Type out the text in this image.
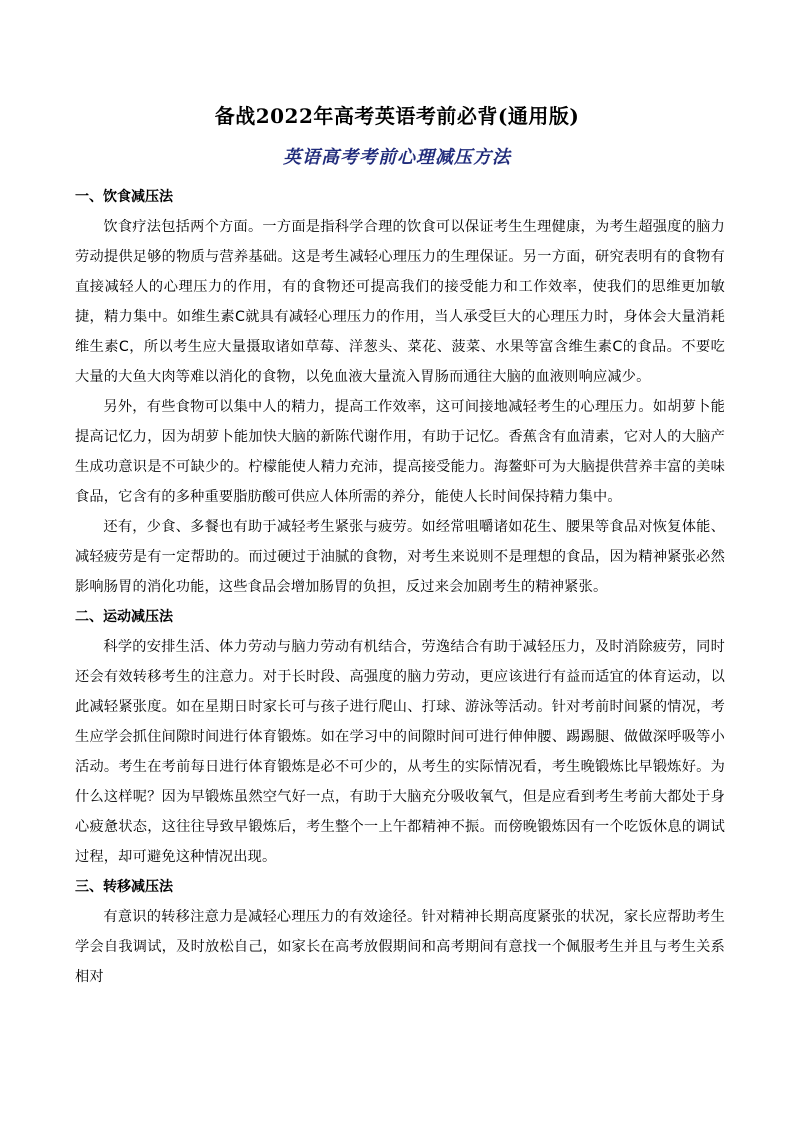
备战2022年高考英语考前必背(通用版)
英语高考考前心理减压方法

一、饮食减压法

饮食疗法包括两个方面。一方面是指科学合理的饮食可以保证考生生理健康，为考生超强度的脑力劳动提供足够的物质与营养基础。这是考生减轻心理压力的生理保证。另一方面，研究表明有的食物有直接减轻人的心理压力的作用，有的食物还可提高我们的接受能力和工作效率，使我们的思维更加敏捷，精力集中。如维生素C就具有减轻心理压力的作用，当人承受巨大的心理压力时，身体会大量消耗维生素C，所以考生应大量摄取诸如草莓、洋葱头、菜花、菠菜、水果等富含维生素C的食品。不要吃大量的大鱼大肉等难以消化的食物，以免血液大量流入胃肠而通往大脑的血液则响应减少。

另外，有些食物可以集中人的精力，提高工作效率，这可间接地减轻考生的心理压力。如胡萝卜能提高记忆力，因为胡萝卜能加快大脑的新陈代谢作用，有助于记忆。香蕉含有血清素，它对人的大脑产生成功意识是不可缺少的。柠檬能使人精力充沛，提高接受能力。海鳌虾可为大脑提供营养丰富的美味食品，它含有的多种重要脂肪酸可供应人体所需的养分，能使人长时间保持精力集中。

还有，少食、多餐也有助于减轻考生紧张与疲劳。如经常咀嚼诸如花生、腰果等食品对恢复体能、减轻疲劳是有一定帮助的。而过硬过于油腻的食物，对考生来说则不是理想的食品，因为精神紧张必然影响肠胃的消化功能，这些食品会增加肠胃的负担，反过来会加剧考生的精神紧张。

二、运动减压法

科学的安排生活、体力劳动与脑力劳动有机结合，劳逸结合有助于减轻压力，及时消除疲劳，同时还会有效转移考生的注意力。对于长时段、高强度的脑力劳动，更应该进行有益而适宜的体育运动，以此减轻紧张度。如在星期日时家长可与孩子进行爬山、打球、游泳等活动。针对考前时间紧的情况，考生应学会抓住间隙时间进行体育锻炼。如在学习中的间隙时间可进行伸伸腰、踢踢腿、做做深呼吸等小活动。考生在考前每日进行体育锻炼是必不可少的，从考生的实际情况看，考生晚锻炼比早锻炼好。为什么这样呢？因为早锻炼虽然空气好一点，有助于大脑充分吸收氧气，但是应看到考生考前大都处于身心疲惫状态，这往往导致早锻炼后，考生整个一上午都精神不振。而傍晚锻炼因有一个吃饭休息的调试过程，却可避免这种情况出现。

三、转移减压法

有意识的转移注意力是减轻心理压力的有效途径。针对精神长期高度紧张的状况，家长应帮助考生学会自我调试，及时放松自己，如家长在高考放假期间和高考期间有意找一个佩服考生并且与考生关系相对
